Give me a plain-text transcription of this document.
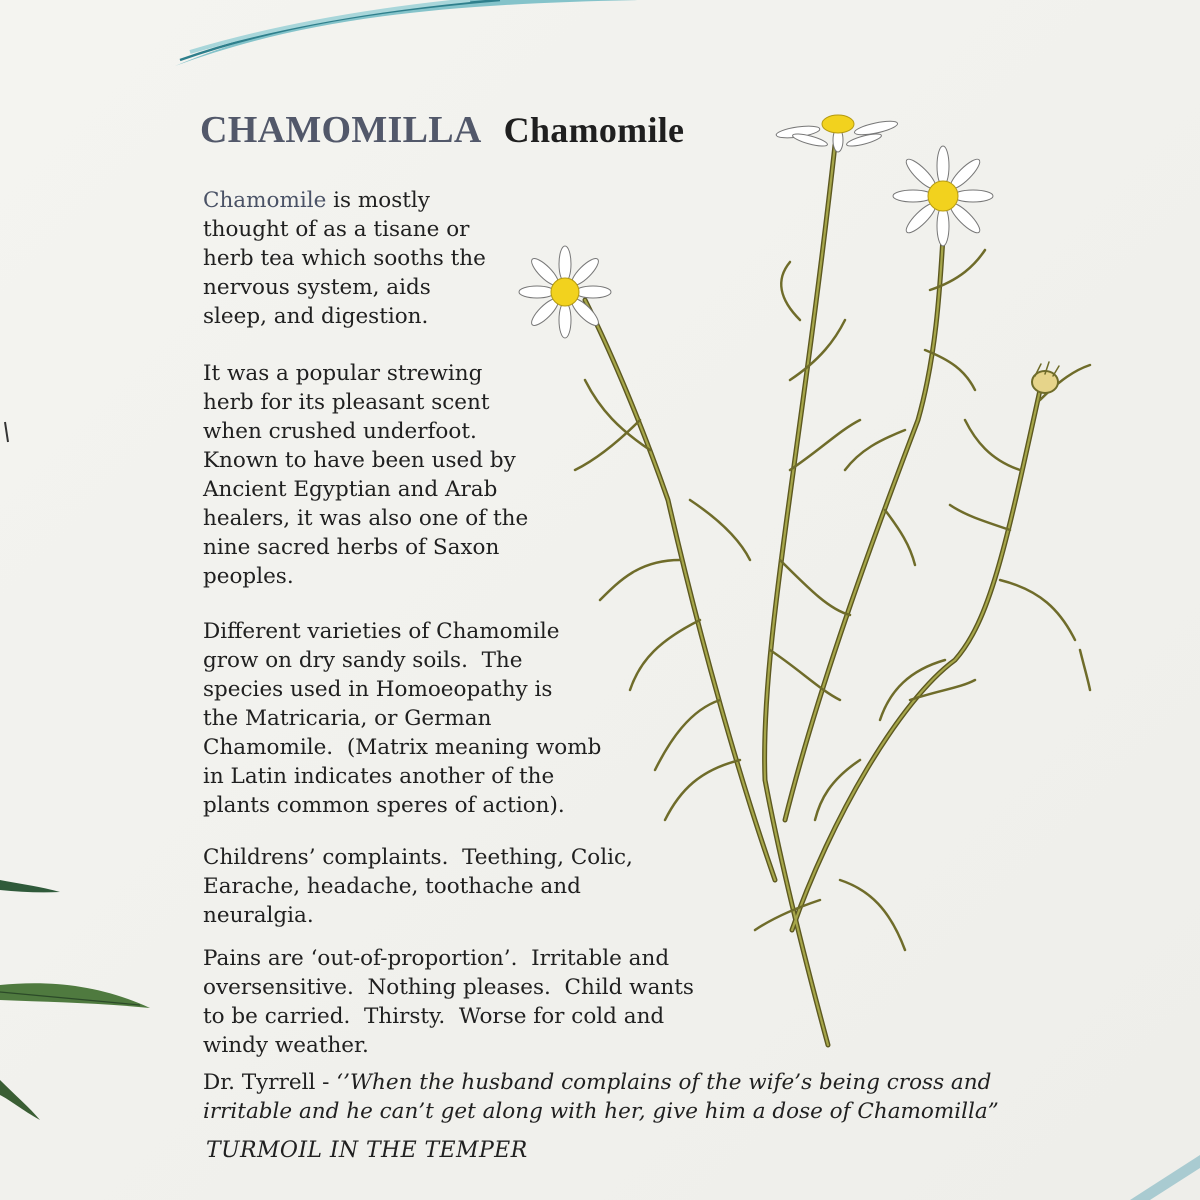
CHAMOMILLA Chamomile

Chamomile is mostly
thought of as a tisane or
herb tea which sooths the
nervous system, aids
sleep, and digestion.

It was a popular strewing
herb for its pleasant scent
when crushed underfoot.
Known to have been used by
Ancient Egyptian and Arab
healers, it was also one of the
nine sacred herbs of Saxon
peoples.

Different varieties of Chamomile
grow on dry sandy soils.  The
species used in Homoeopathy is
the Matricaria, or German
Chamomile.  (Matrix meaning womb
in Latin indicates another of the
plants common speres of action).

Childrens’ complaints.  Teething, Colic,
Earache, headache, toothache and
neuralgia.

Pains are ‘out-of-proportion’.  Irritable and
oversensitive.  Nothing pleases.  Child wants
to be carried.  Thirsty.  Worse for cold and
windy weather.

Dr. Tyrrell - ‘’When the husband complains of the wife’s being cross and
irritable and he can’t get along with her, give him a dose of Chamomilla”

TURMOIL IN THE TEMPER
